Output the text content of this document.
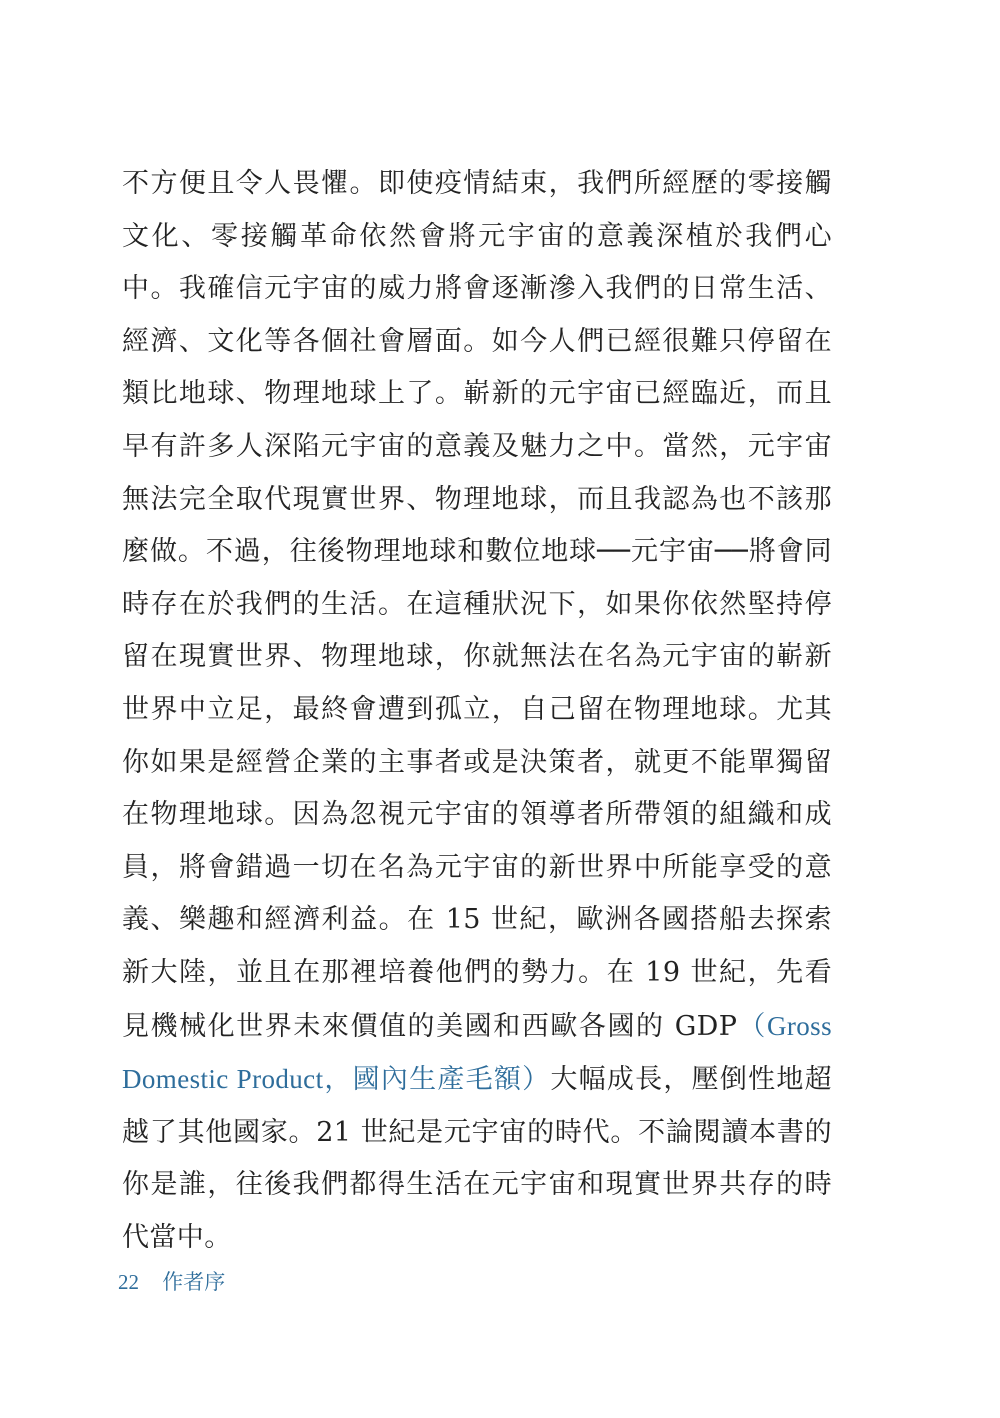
不方便且令人畏懼。即使疫情結束，我們所經歷的零接觸文化、零接觸革命依然會將元宇宙的意義深植於我們心中。我確信元宇宙的威力將會逐漸滲入我們的日常生活、經濟、文化等各個社會層面。如今人們已經很難只停留在類比地球、物理地球上了。嶄新的元宇宙已經臨近，而且早有許多人深陷元宇宙的意義及魅力之中。當然，元宇宙無法完全取代現實世界、物理地球，而且我認為也不該那麼做。不過，往後物理地球和數位地球──元宇宙──將會同時存在於我們的生活。在這種狀況下，如果你依然堅持停留在現實世界、物理地球，你就無法在名為元宇宙的嶄新世界中立足，最終會遭到孤立，自己留在物理地球。尤其你如果是經營企業的主事者或是決策者，就更不能單獨留在物理地球。因為忽視元宇宙的領導者所帶領的組織和成員，將會錯過一切在名為元宇宙的新世界中所能享受的意義、樂趣和經濟利益。在 15 世紀，歐洲各國搭船去探索新大陸，並且在那裡培養他們的勢力。在 19 世紀，先看見機械化世界未來價值的美國和西歐各國的 GDP（Gross Domestic Product，國內生產毛額）大幅成長，壓倒性地超越了其他國家。21 世紀是元宇宙的時代。不論閱讀本書的你是誰，往後我們都得生活在元宇宙和現實世界共存的時代當中。

22 作者序
